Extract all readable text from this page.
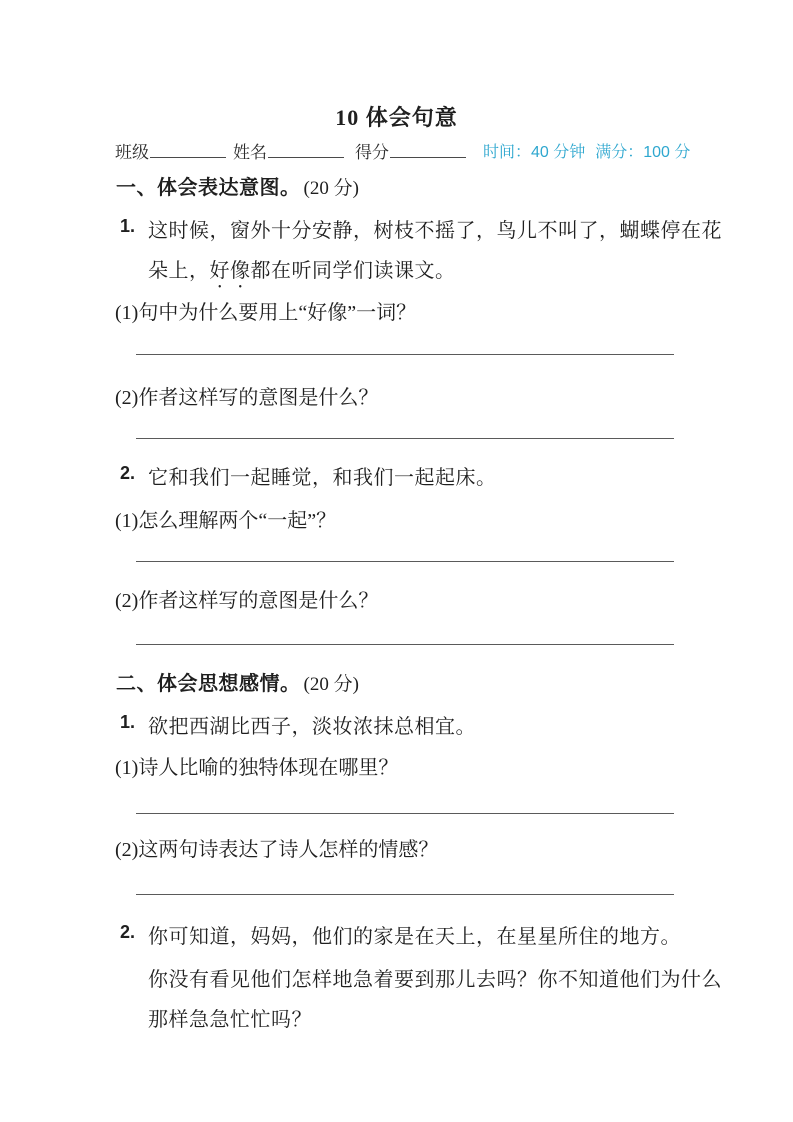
10 体会句意
班级	姓名	得分	时间：40 分钟 满分：100 分
一、体会表达意图。 (20 分)
1. 这时候，窗外十分安静，树枝不摇了，鸟儿不叫了，蝴蝶停在花
朵上，好像都在听同学们读课文。
(1)句中为什么要用上“好像”一词？
(2)作者这样写的意图是什么？
2. 它和我们一起睡觉，和我们一起起床。
(1)怎么理解两个“一起”？
(2)作者这样写的意图是什么？
二、体会思想感情。 (20 分)
1. 欲把西湖比西子，淡妆浓抹总相宜。
(1)诗人比喻的独特体现在哪里？
(2)这两句诗表达了诗人怎样的情感？
2. 你可知道，妈妈，他们的家是在天上，在星星所住的地方。
你没有看见他们怎样地急着要到那儿去吗？你不知道他们为什么
那样急急忙忙吗？
